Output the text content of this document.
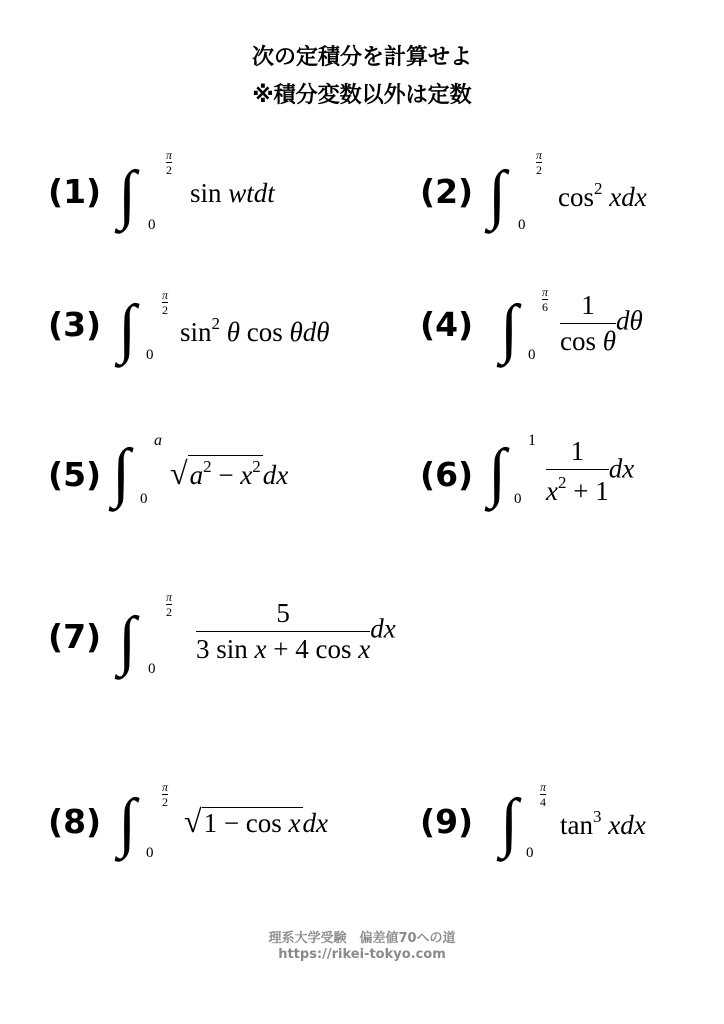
次の定積分を計算せよ
※積分変数以外は定数
(1) ∫ $\frac{\pi}{2}$
0
sin wtdt	(2) ∫ $\frac{\pi}{2}$
0
$\cos^2$ xdx
(3) ∫ $\frac{\pi}{2}$
0
$\sin^2 \theta$ cos θdθ	(4) ∫ $\frac{\pi}{6}$
$0 \frac{1}{\text{cos θ}}$ dθ
(5) ∫ a
0
$√a^2 - x^2dx$	(6) ∫ 1
$0 \frac{1}{x^2 + 1}$ dx
(7) ∫ $\frac{\pi}{2}$
0
$\frac{5}{\text{3 sin x + 4 cos x}}$ dx
(8) ∫ $\frac{\pi}{2}$
0
√1 − cos xdx	(9) ∫ $\frac{\pi}{4}$
0
$\tan^3$ xdx
理系大学受験　偏差値70への道
https://rikei-tokyo.com
